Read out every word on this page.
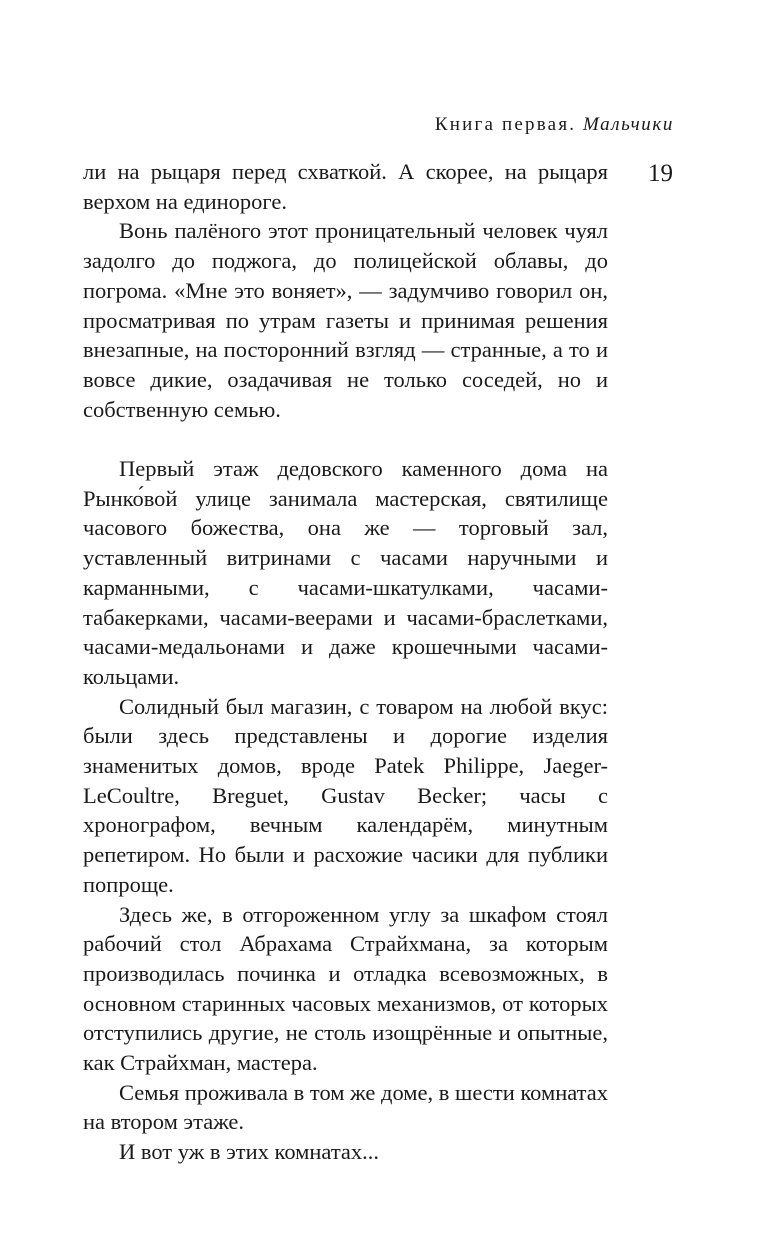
Книга первая. Мальчики
19

ли на рыцаря перед схваткой. А скорее, на рыцаря верхом на единороге.

Вонь палёного этот проницательный человек чуял задолго до поджога, до полицейской облавы, до погрома. «Мне это воняет», — задумчиво говорил он, просматривая по утрам газеты и принимая решения внезапные, на посторонний взгляд — странные, а то и вовсе дикие, озадачивая не только соседей, но и собственную семью.

Первый этаж дедовского каменного дома на Рынко́вой улице занимала мастерская, святилище часового божества, она же — торговый зал, уставленный витринами с часами наручными и карманными, с часами-шкатулками, часами- табакерками, часами-веерами и часами-браслетками, часами-медальонами и даже крошечными часами-кольцами.

Солидный был магазин, с товаром на любой вкус: были здесь представлены и дорогие изделия знаменитых домов, вроде Patek Philippe, Jaeger-LeCoultre, Breguet, Gustav Becker; часы с хронографом, вечным календарём, минутным репетиром. Но были и расхожие часики для публики попроще.

Здесь же, в отгороженном углу за шкафом стоял рабочий стол Абрахама Страйхмана, за которым производилась починка и отладка всевозможных, в основном старинных часовых механизмов, от которых отступились другие, не столь изощрённые и опытные, как Страйхман, мастера.

Семья проживала в том же доме, в шести комнатах на втором этаже.

И вот уж в этих комнатах...
